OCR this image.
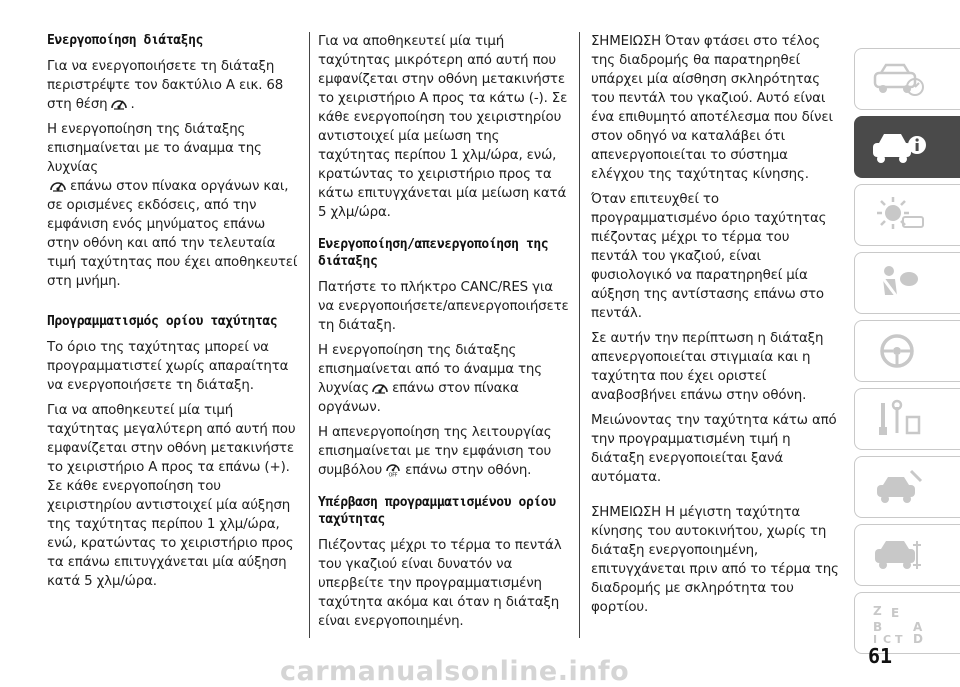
Ενεργοποίηση διάταξης

Για να ενεργοποιήσετε τη διάταξη περιστρέψτε τον δακτύλιο A εικ. 68 στη θέση .

Η ενεργοποίηση της διάταξης επισημαίνεται με το άναμμα της λυχνίας

επάνω στον πίνακα οργάνων και, σε ορισμένες εκδόσεις, από την εμφάνιση ενός μηνύματος επάνω στην οθόνη και από την τελευταία τιμή ταχύτητας που έχει αποθηκευτεί στη μνήμη.

Προγραμματισμός ορίου ταχύτητας

Το όριο της ταχύτητας μπορεί να προγραμματιστεί χωρίς απαραίτητα να ενεργοποιήσετε τη διάταξη.

Για να αποθηκευτεί μία τιμή ταχύτητας μεγαλύτερη από αυτή που εμφανίζεται στην οθόνη μετακινήστε το χειριστήριο A προς τα επάνω (+). Σε κάθε ενεργοποίηση του χειριστηρίου αντιστοιχεί μία αύξηση της ταχύτητας περίπου 1 χλμ/ώρα, ενώ, κρατώντας το χειριστήριο προς τα επάνω επιτυγχάνεται μία αύξηση κατά 5 χλμ/ώρα.

Για να αποθηκευτεί μία τιμή ταχύτητας μικρότερη από αυτή που εμφανίζεται στην οθόνη μετακινήστε το χειριστήριο A προς τα κάτω (-). Σε κάθε ενεργοποίηση του χειριστηρίου αντιστοιχεί μία μείωση της ταχύτητας περίπου 1 χλμ/ώρα, ενώ, κρατώντας το χειριστήριο προς τα κάτω επιτυγχάνεται μία μείωση κατά 5 χλμ/ώρα.

Ενεργοποίηση/απενεργοποίηση της διάταξης

Πατήστε το πλήκτρο CANC/RES για να ενεργοποιήσετε/απενεργοποιήσετε τη διάταξη.

Η ενεργοποίηση της διάταξης επισημαίνεται από το άναμμα της λυχνίας επάνω στον πίνακα οργάνων.

Η απενεργοποίηση της λειτουργίας επισημαίνεται με την εμφάνιση του συμβόλου OFF επάνω στην οθόνη.

Υπέρβαση προγραμματισμένου ορίου ταχύτητας

Πιέζοντας μέχρι το τέρμα το πεντάλ του γκαζιού είναι δυνατόν να υπερβείτε την προγραμματισμένη ταχύτητα ακόμα και όταν η διάταξη είναι ενεργοποιημένη.

ΣΗΜΕΙΩΣΗ Όταν φτάσει στο τέλος της διαδρομής θα παρατηρηθεί υπάρχει μία αίσθηση σκληρότητας του πεντάλ του γκαζιού. Αυτό είναι ένα επιθυμητό αποτέλεσμα που δίνει στον οδηγό να καταλάβει ότι απενεργοποιείται το σύστημα ελέγχου της ταχύτητας κίνησης.

Όταν επιτευχθεί το προγραμματισμένο όριο ταχύτητας πιέζοντας μέχρι το τέρμα του πεντάλ του γκαζιού, είναι φυσιολογικό να παρατηρηθεί μία αύξηση της αντίστασης επάνω στο πεντάλ.

Σε αυτήν την περίπτωση η διάταξη απενεργοποιείται στιγμιαία και η ταχύτητα που έχει οριστεί αναβοσβήνει επάνω στην οθόνη.

Μειώνοντας την ταχύτητα κάτω από την προγραμματισμένη τιμή η διάταξη ενεργοποιείται ξανά αυτόματα.

ΣΗΜΕΙΩΣΗ Η μέγιστη ταχύτητα κίνησης του αυτοκινήτου, χωρίς τη διάταξη ενεργοποιημένη, επιτυγχάνεται πριν από το τέρμα της διαδρομής με σκληρότητα του φορτίου.	Z E
B
I C T
A
D
61
carmanualsonline.info
